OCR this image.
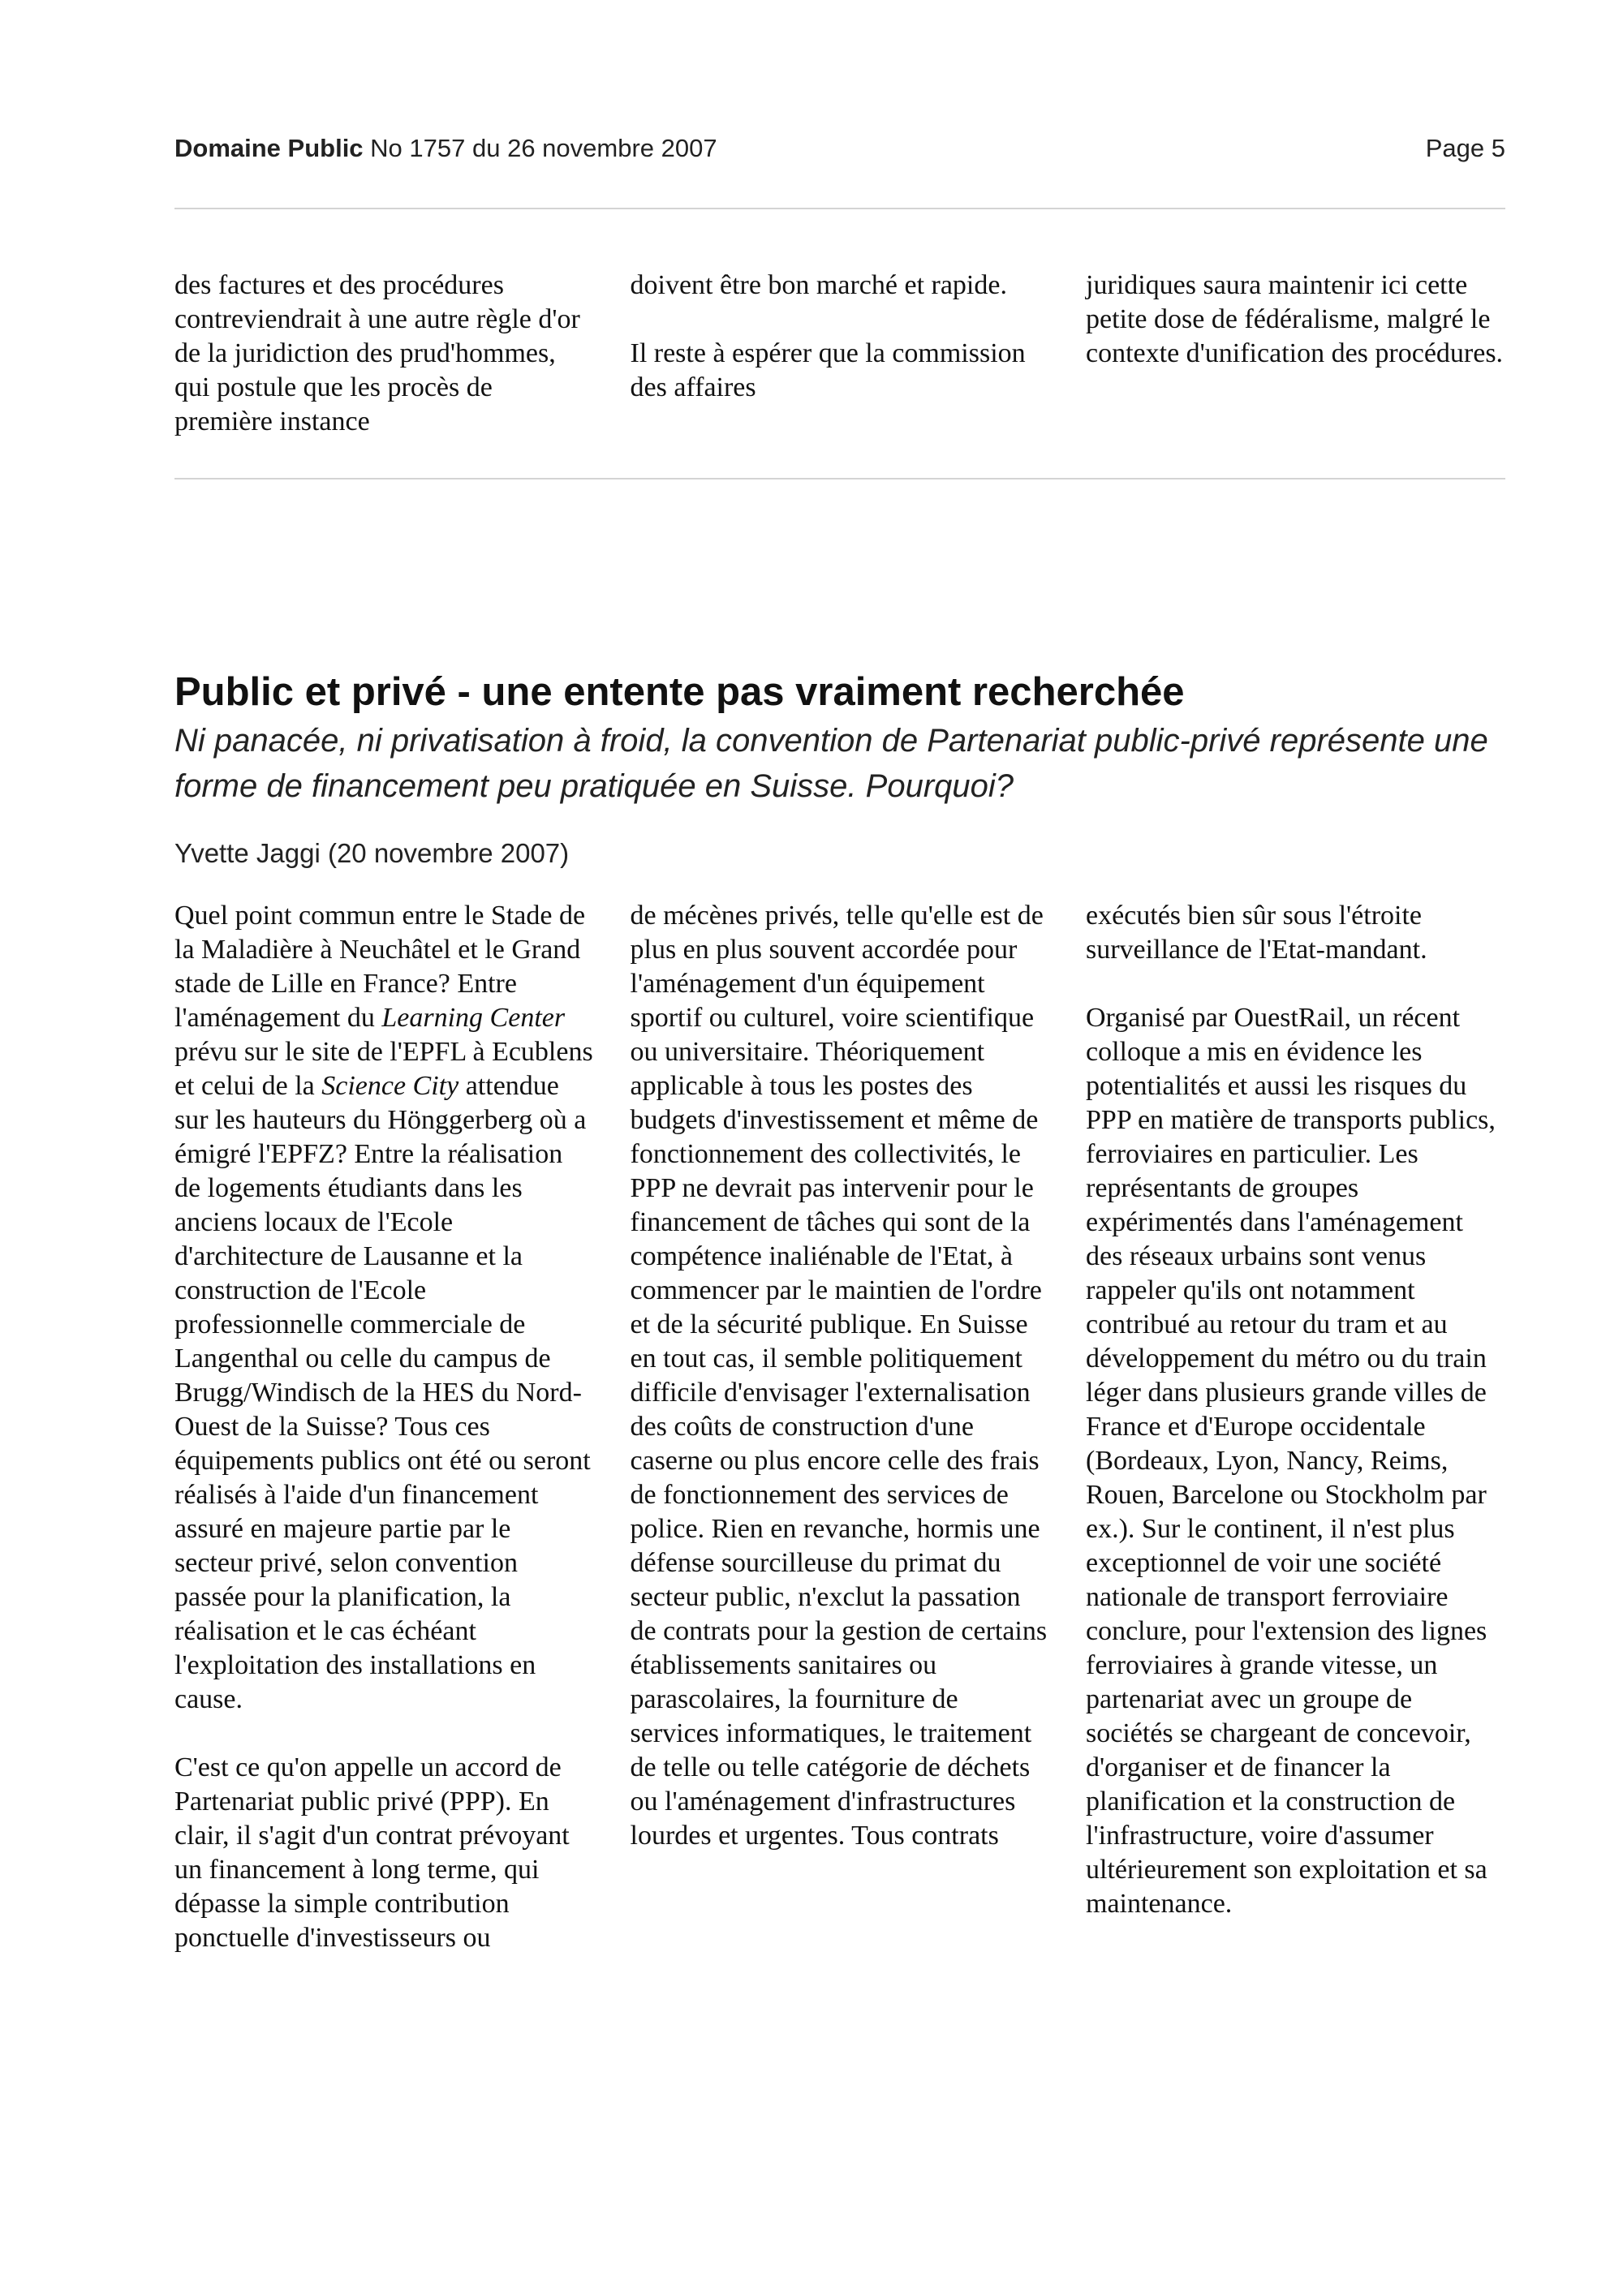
Domaine Public No 1757 du 26 novembre 2007	Page 5

des factures et des procédures contreviendrait à une autre règle d'or de la juridiction des prud'hommes, qui postule que les procès de première instance

doivent être bon marché et rapide.

Il reste à espérer que la commission des affaires

juridiques saura maintenir ici cette petite dose de fédéralisme, malgré le contexte d'unification des procédures.

Public et privé - une entente pas vraiment recherchée
Ni panacée, ni privatisation à froid, la convention de Partenariat public-privé représente une forme de financement peu pratiquée en Suisse. Pourquoi?
Yvette Jaggi (20 novembre 2007)

Quel point commun entre le Stade de la Maladière à Neuchâtel et le Grand stade de Lille en France? Entre l'aménagement du Learning Center prévu sur le site de l'EPFL à Ecublens et celui de la Science City attendue sur les hauteurs du Hönggerberg où a émigré l'EPFZ? Entre la réalisation de logements étudiants dans les anciens locaux de l'Ecole d'architecture de Lausanne et la construction de l'Ecole professionnelle commerciale de Langenthal ou celle du campus de Brugg/Windisch de la HES du Nord-Ouest de la Suisse? Tous ces équipements publics ont été ou seront réalisés à l'aide d'un financement assuré en majeure partie par le secteur privé, selon convention passée pour la planification, la réalisation et le cas échéant l'exploitation des installations en cause.

C'est ce qu'on appelle un accord de Partenariat public privé (PPP). En clair, il s'agit d'un contrat prévoyant un financement à long terme, qui dépasse la simple contribution ponctuelle d'investisseurs ou

de mécènes privés, telle qu'elle est de plus en plus souvent accordée pour l'aménagement d'un équipement sportif ou culturel, voire scientifique ou universitaire. Théoriquement applicable à tous les postes des budgets d'investissement et même de fonctionnement des collectivités, le PPP ne devrait pas intervenir pour le financement de tâches qui sont de la compétence inaliénable de l'Etat, à commencer par le maintien de l'ordre et de la sécurité publique. En Suisse en tout cas, il semble politiquement difficile d'envisager l'externalisation des coûts de construction d'une caserne ou plus encore celle des frais de fonctionnement des services de police. Rien en revanche, hormis une défense sourcilleuse du primat du secteur public, n'exclut la passation de contrats pour la gestion de certains établissements sanitaires ou parascolaires, la fourniture de services informatiques, le traitement de telle ou telle catégorie de déchets ou l'aménagement d'infrastructures lourdes et urgentes. Tous contrats

exécutés bien sûr sous l'étroite surveillance de l'Etat-mandant.

Organisé par OuestRail, un récent colloque a mis en évidence les potentialités et aussi les risques du PPP en matière de transports publics, ferroviaires en particulier. Les représentants de groupes expérimentés dans l'aménagement des réseaux urbains sont venus rappeler qu'ils ont notamment contribué au retour du tram et au développement du métro ou du train léger dans plusieurs grande villes de France et d'Europe occidentale (Bordeaux, Lyon, Nancy, Reims, Rouen, Barcelone ou Stockholm par ex.). Sur le continent, il n'est plus exceptionnel de voir une société nationale de transport ferroviaire conclure, pour l'extension des lignes ferroviaires à grande vitesse, un partenariat avec un groupe de sociétés se chargeant de concevoir, d'organiser et de financer la planification et la construction de l'infrastructure, voire d'assumer ultérieurement son exploitation et sa maintenance.
